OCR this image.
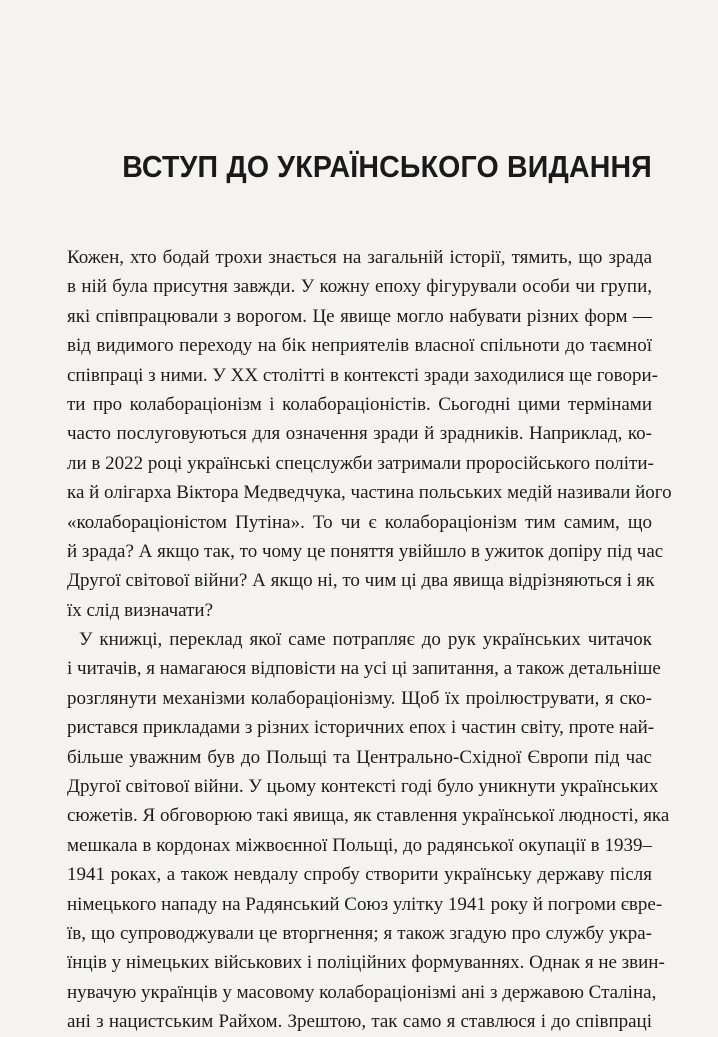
ВСТУП ДО УКРАЇНСЬКОГО ВИДАННЯ
Кожен, хто бодай трохи знається на загальній історії, тямить, що зрада
в ній була присутня завжди. У кожну епоху фігурували особи чи групи,
які співпрацювали з ворогом. Це явище могло набувати різних форм —
від видимого переходу на бік неприятелів власної спільноти до таємної
співпраці з ними. У XX столітті в контексті зради заходилися ще говори-
ти про колабораціонізм і колабораціоністів. Сьогодні цими термінами
часто послуговуються для означення зради й зрадників. Наприклад, ко-
ли в 2022 році українські спецслужби затримали проросійського політи-
ка й олігарха Віктора Медведчука, частина польських медій називали його
«колабораціоністом Путіна». То чи є колабораціонізм тим самим, що
й зрада? А якщо так, то чому це поняття увійшло в ужиток допіру під час
Другої світової війни? А якщо ні, то чим ці два явища відрізняються і як
їх слід визначати?
У книжці, переклад якої саме потрапляє до рук українських читачок
і читачів, я намагаюся відповісти на усі ці запитання, а також детальніше
розглянути механізми колабораціонізму. Щоб їх проілюструвати, я ско-
ристався прикладами з різних історичних епох і частин світу, проте най-
більше уважним був до Польщі та Центрально-Східної Європи під час
Другої світової війни. У цьому контексті годі було уникнути українських
сюжетів. Я обговорюю такі явища, як ставлення української людності, яка
мешкала в кордонах міжвоєнної Польщі, до радянської окупації в 1939–
1941 роках, а також невдалу спробу створити українську державу після
німецького нападу на Радянський Союз улітку 1941 року й погроми євре-
їв, що супроводжували це вторгнення; я також згадую про службу укра-
їнців у німецьких військових і поліційних формуваннях. Однак я не звин-
нувачую українців у масовому колабораціонізмі ані з державою Сталіна,
ані з нацистським Райхом. Зрештою, так само я ставлюся і до співпраці
